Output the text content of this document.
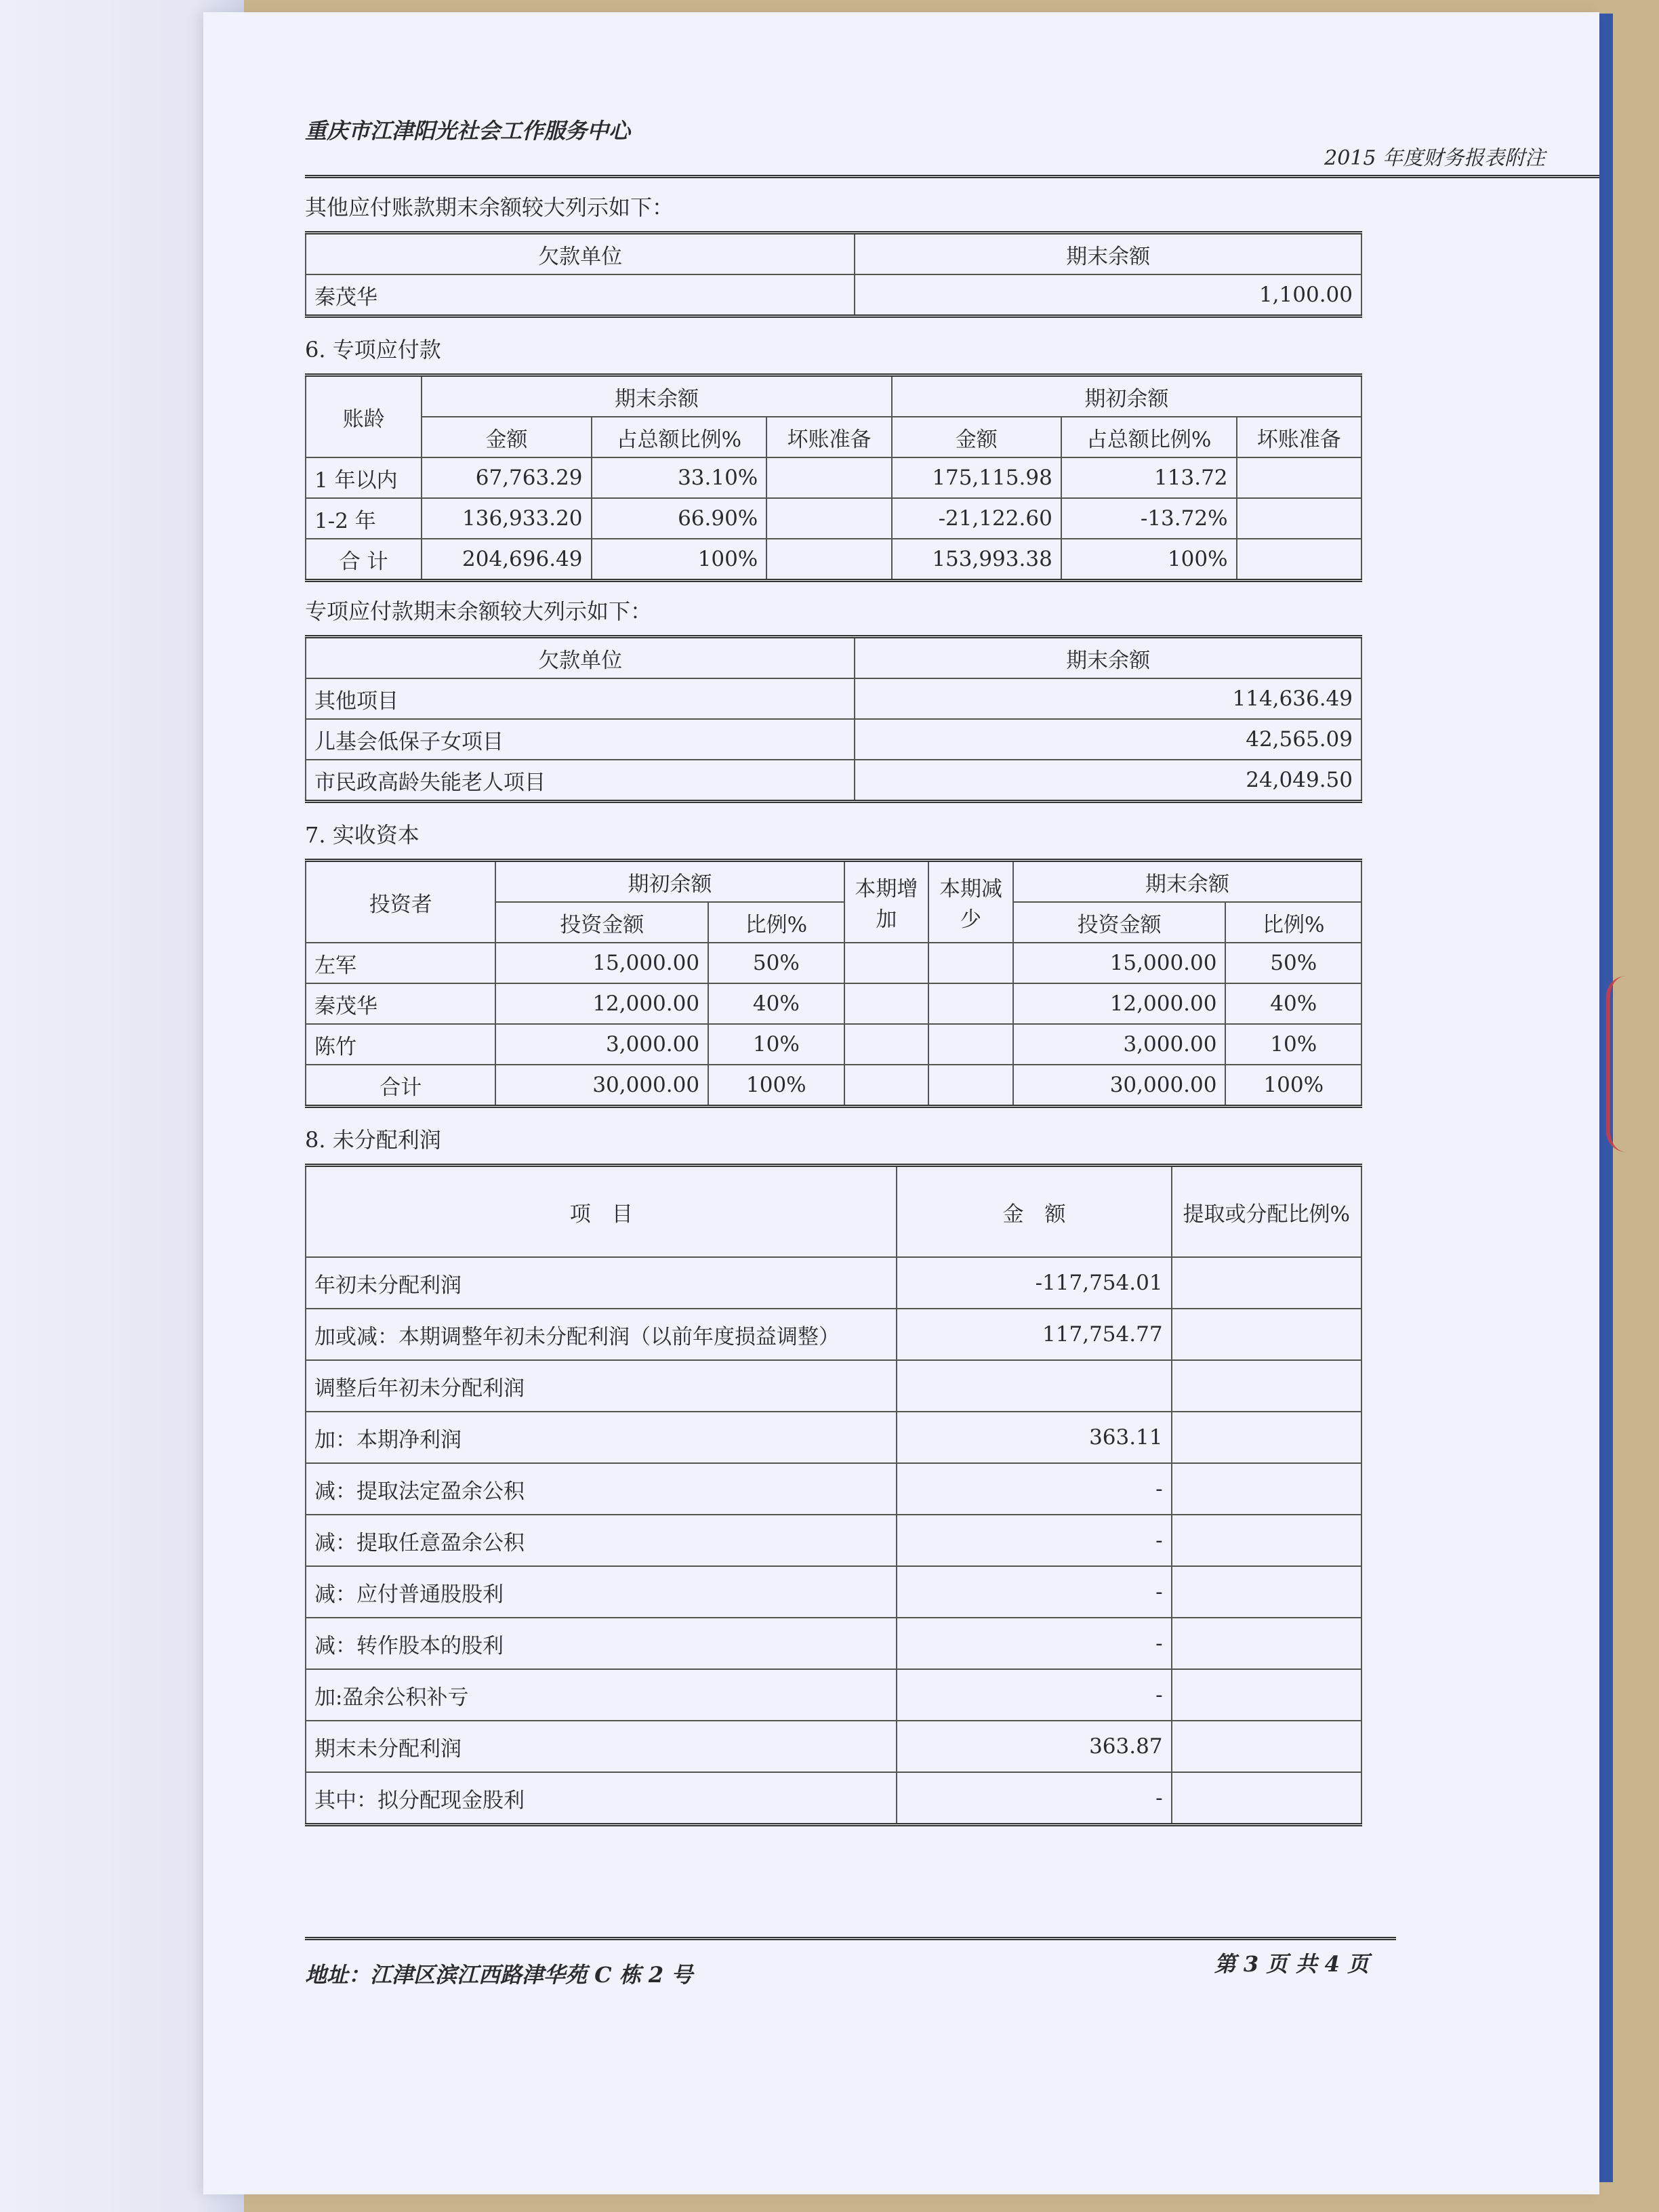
重庆市江津阳光社会工作服务中心
2015 年度财务报表附注
其他应付账款期末余额较大列示如下：
欠款单位	期末余额
秦茂华	1,100.00
6. 专项应付款
账龄	期末余额			期初余额		
	金额	占总额比例%	坏账准备	金额	占总额比例%	坏账准备
1 年以内	67,763.29	33.10%		175,115.98	113.72	
1-2 年	136,933.20	66.90%		-21,122.60	-13.72%	
合 计	204,696.49	100%		153,993.38	100%	
专项应付款期末余额较大列示如下：
欠款单位	期末余额
其他项目	114,636.49
儿基会低保子女项目	42,565.09
市民政高龄失能老人项目	24,049.50
7. 实收资本
投资者	期初余额		本期增加	本期减少	期末余额	
	投资金额	比例%			投资金额	比例%
左军	15,000.00	50%			15,000.00	50%
秦茂华	12,000.00	40%			12,000.00	40%
陈竹	3,000.00	10%			3,000.00	10%
合计	30,000.00	100%			30,000.00	100%
8. 未分配利润
项　目	金　额	提取或分配比例%
年初未分配利润	-117,754.01	
加或减：本期调整年初未分配利润（以前年度损益调整）	117,754.77	
调整后年初未分配利润		
加：本期净利润	363.11	
减：提取法定盈余公积	-	
减：提取任意盈余公积	-	
减：应付普通股股利	-	
减：转作股本的股利	-	
加:盈余公积补亏	-	
期末未分配利润	363.87	
其中：拟分配现金股利	-	
地址：江津区滨江西路津华苑 C 栋 2 号	第 3 页 共 4 页
